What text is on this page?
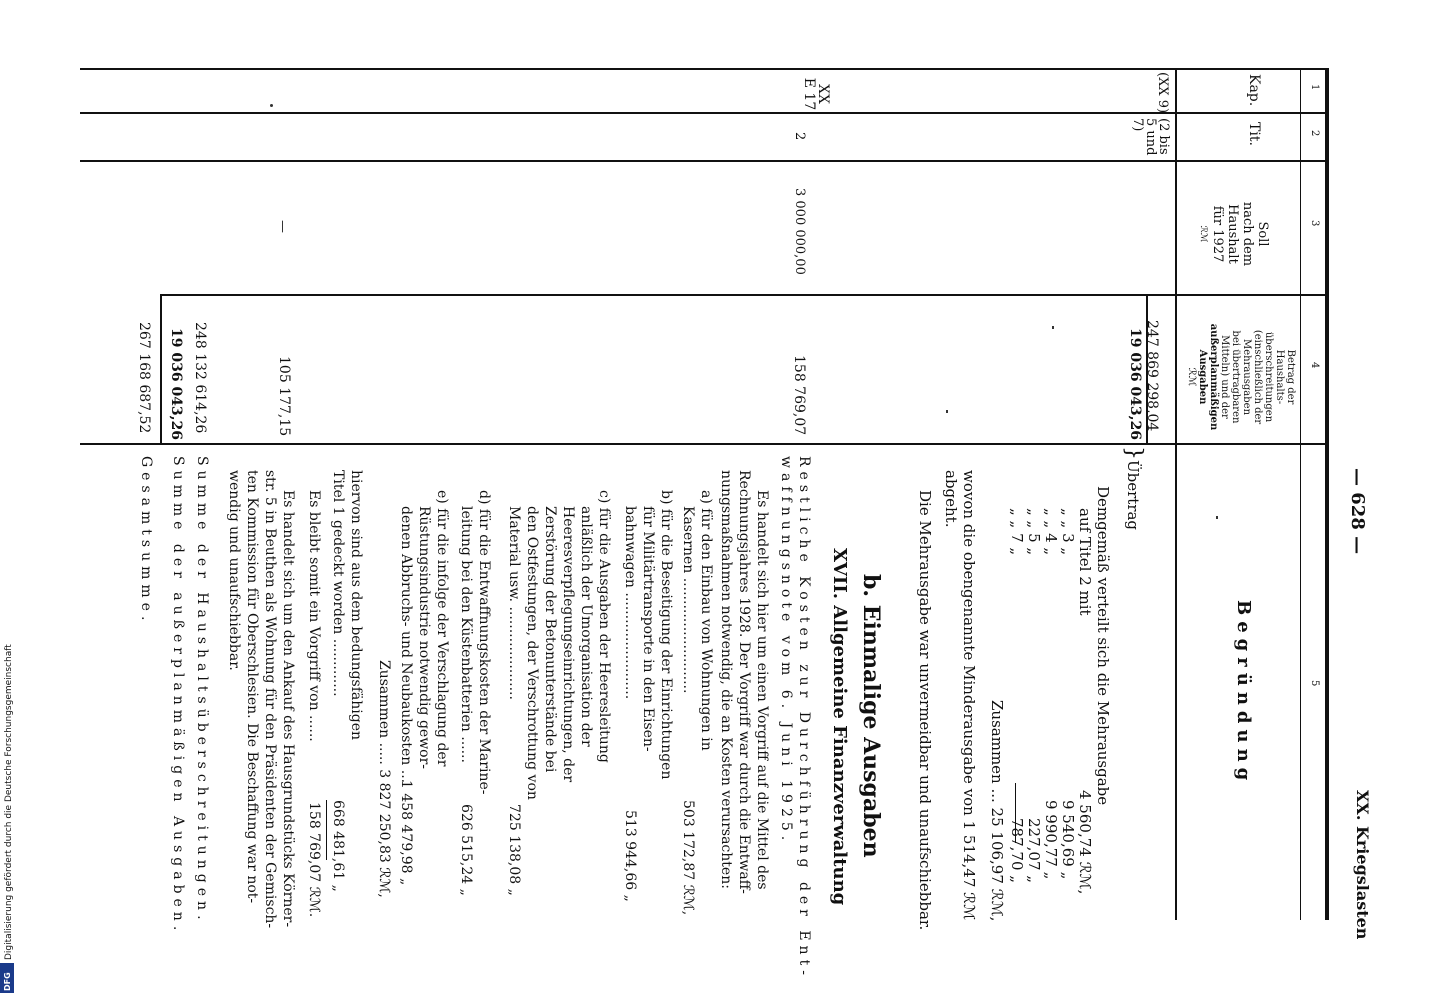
1
2
3
4
5
XX. Kriegslasten
— 628 —
Kap.
Tit.
Soll
nach dem
Haushalt
für 1927
ℛℳ
Betrag der Haushalts-
überschreitungen
(einschließlich der
Mehrausgaben
bei übertragbaren
Mitteln) und der
außerplanmäßigen
Ausgaben
ℛℳ
Begründung
(XX 9)
(2 bis
5 und
7)
XX
E 17
2
3 000 000,00
—
247 869 298,04
19 036 043,26
158 769,07
105 177,15
248 132 614,26
19 036 043,26
267 168 687,52
Übertrag
}
Demgemäß verteilt sich die Mehrausgabe
auf Titel 2 mit
„ „ 3 „
„ „ 4 „
„ „ 5 „
„ „ 7 „
4 560,74 ℛℳ,
9 540,69 „
9 990,77 „
227,07 „
787,70 „
Zusammen ... 25 106,97 ℛℳ,
wovon die obengenannte Minderausgabe von 1 514,47 ℛℳ
abgeht.
Die Mehrausgabe war unvermeidbar und unaufschiebbar.
b. Einmalige Ausgaben
XVII. Allgemeine Finanzverwaltung
Restliche Kosten zur Durchführung der Ent-
waffnungsnote vom 6. Juni 1925.
Es handelt sich hier um einen Vorgriff auf die Mittel des
Rechnungsjahres 1928. Der Vorgriff war durch die Entwaff-
nungsmaßnahmen notwendig, die an Kosten verursachten:
a) für den Einbau von Wohnungen in
Kasernen ..........................
503 172,87 ℛℳ,
b) für die Beseitigung der Einrichtungen
für Militärtransporte in den Eisen-
bahnwagen ........................
513 944,66 „
c) für die Ausgaben der Heeresleitung
anläßlich der Umorganisation der
Heeresverpflegungseinrichtungen, der
Zerstörung der Betonunterstände bei
den Ostfestungen, der Verschrottung von
Material usw. .....................
725 138,08 „
d) für die Entwaffnungskosten der Marine-
leitung bei den Küstenbatterien ......
626 515,24 „
e) für die infolge der Verschlagung der
Rüstungsindustrie notwendig gewor-
denen Abbruchs- und Neubaukosten ...
1 458 479,98 „
Zusammen ..... 3 827 250,83 ℛℳ,
hiervon sind aus dem bedungsfähigen
Titel 1 gedeckt worden .............
668 481,61 „
Es bleibt somit ein Vorgriff von ......
158 769,07 ℛℳ.
Es handelt sich um den Ankauf des Hausgrundstücks Körner-
str. 5 in Beuthen als Wohnung für den Präsidenten der Gemisch-
ten Kommission für Oberschlesien. Die Beschaffung war not-
wendig und unaufschiebbar.
Summe der Haushaltsüberschreitungen.
Summe der außerplanmäßigen Ausgaben.
Gesamtsumme.
Digitalisierung gefördert durch die Deutsche Forschungsgemeinschaft
DFG
